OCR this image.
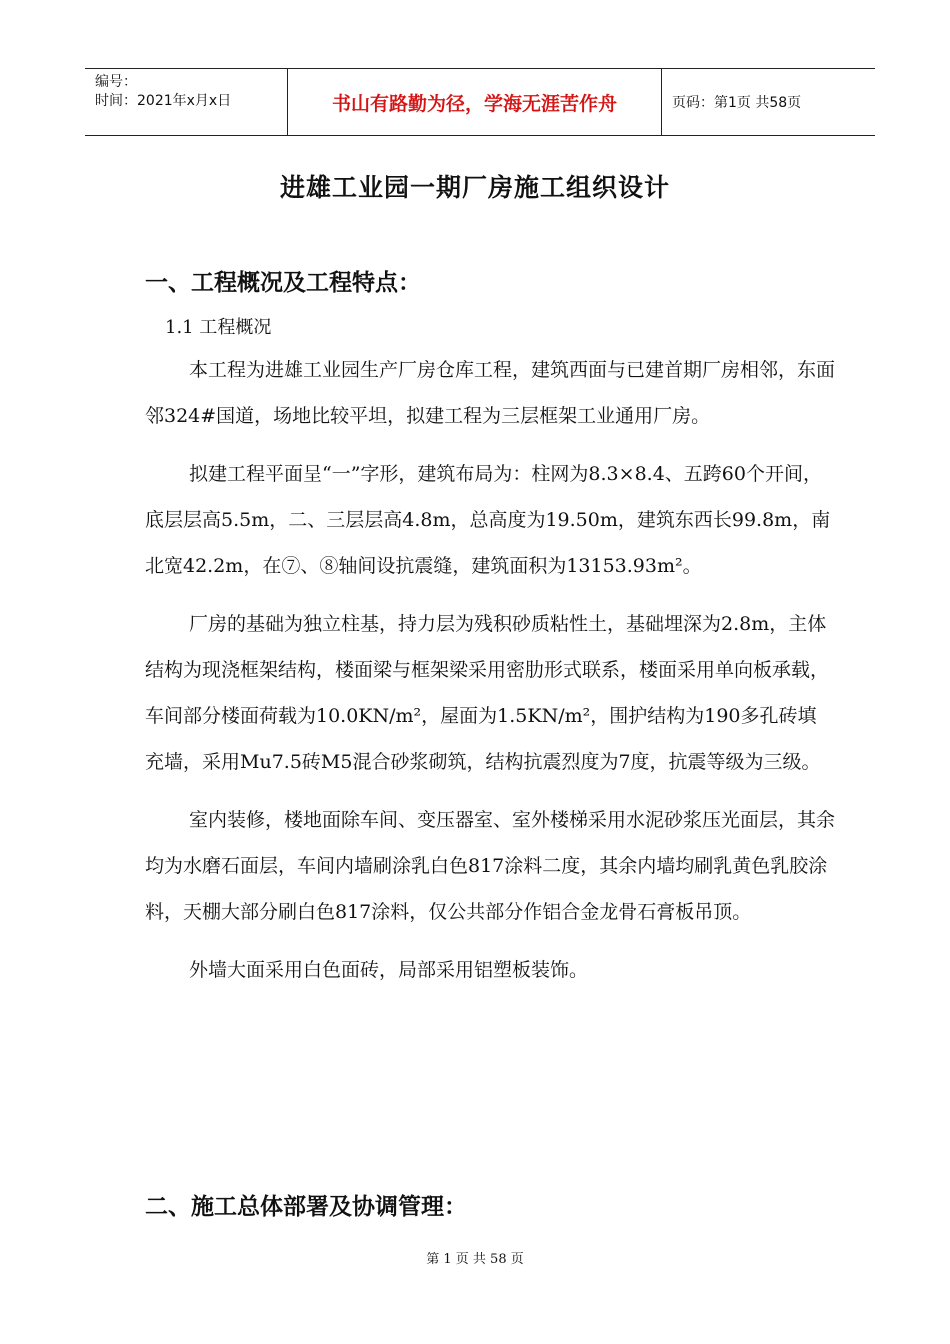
编号：
时间：2021年x月x日	书山有路勤为径，学海无涯苦作舟	页码：第1页 共58页
进雄工业园一期厂房施工组织设计
一、工程概况及工程特点：
1.1 工程概况

本工程为进雄工业园生产厂房仓库工程，建筑西面与已建首期厂房相邻，东面邻324#国道，场地比较平坦，拟建工程为三层框架工业通用厂房。

拟建工程平面呈“一”字形，建筑布局为：柱网为8.3×8.4、五跨60个开间，底层层高5.5m，二、三层层高4.8m，总高度为19.50m，建筑东西长99.8m，南北宽42.2m，在⑦、⑧轴间设抗震缝，建筑面积为13153.93m²。

厂房的基础为独立柱基，持力层为残积砂质粘性土，基础埋深为2.8m，主体结构为现浇框架结构，楼面梁与框架梁采用密肋形式联系，楼面采用单向板承载，车间部分楼面荷载为10.0KN/m²，屋面为1.5KN/m²，围护结构为190多孔砖填充墙，采用Mu7.5砖M5混合砂浆砌筑，结构抗震烈度为7度，抗震等级为三级。

室内装修，楼地面除车间、变压器室、室外楼梯采用水泥砂浆压光面层，其余均为水磨石面层，车间内墙刷涂乳白色817涂料二度，其余内墙均刷乳黄色乳胶涂料，天棚大部分刷白色817涂料，仅公共部分作铝合金龙骨石膏板吊顶。

外墙大面采用白色面砖，局部采用铝塑板装饰。

二、施工总体部署及协调管理：
第 1 页 共 58 页
